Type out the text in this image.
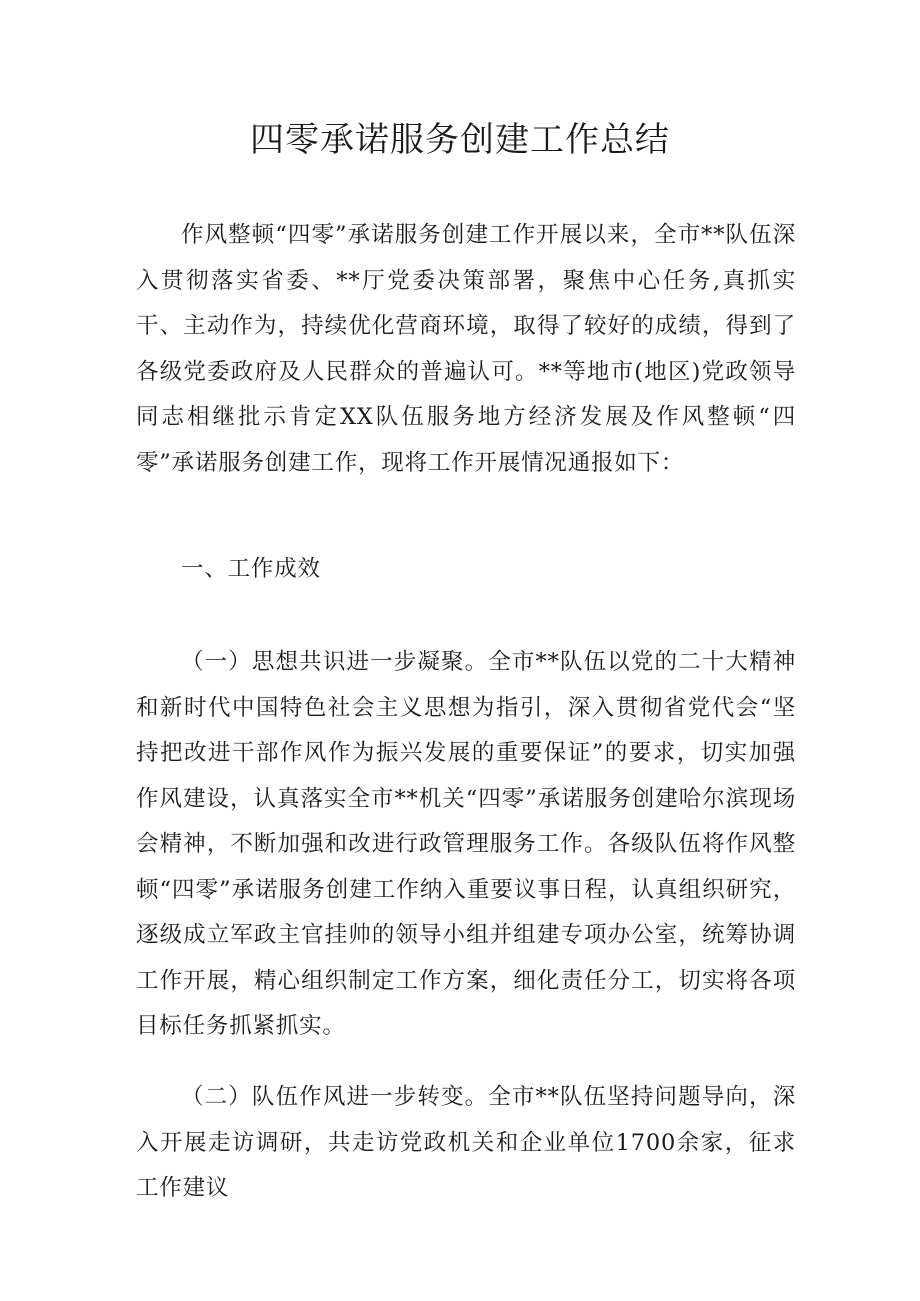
四零承诺服务创建工作总结

作风整顿“四零”承诺服务创建工作开展以来，全市**队伍深入贯彻落实省委、**厅党委决策部署，聚焦中心任务,真抓实干、主动作为，持续优化营商环境，取得了较好的成绩，得到了各级党委政府及人民群众的普遍认可。**等地市(地区)党政领导同志相继批示肯定XX队伍服务地方经济发展及作风整顿“四零”承诺服务创建工作，现将工作开展情况通报如下：

一、工作成效

（一）思想共识进一步凝聚。全市**队伍以党的二十大精神和新时代中国特色社会主义思想为指引，深入贯彻省党代会“坚持把改进干部作风作为振兴发展的重要保证”的要求，切实加强作风建设，认真落实全市**机关“四零”承诺服务创建哈尔滨现场会精神，不断加强和改进行政管理服务工作。各级队伍将作风整顿“四零”承诺服务创建工作纳入重要议事日程，认真组织研究，逐级成立军政主官挂帅的领导小组并组建专项办公室，统筹协调工作开展，精心组织制定工作方案，细化责任分工，切实将各项目标任务抓紧抓实。

（二）队伍作风进一步转变。全市**队伍坚持问题导向，深入开展走访调研，共走访党政机关和企业单位1700余家，征求工作建议
